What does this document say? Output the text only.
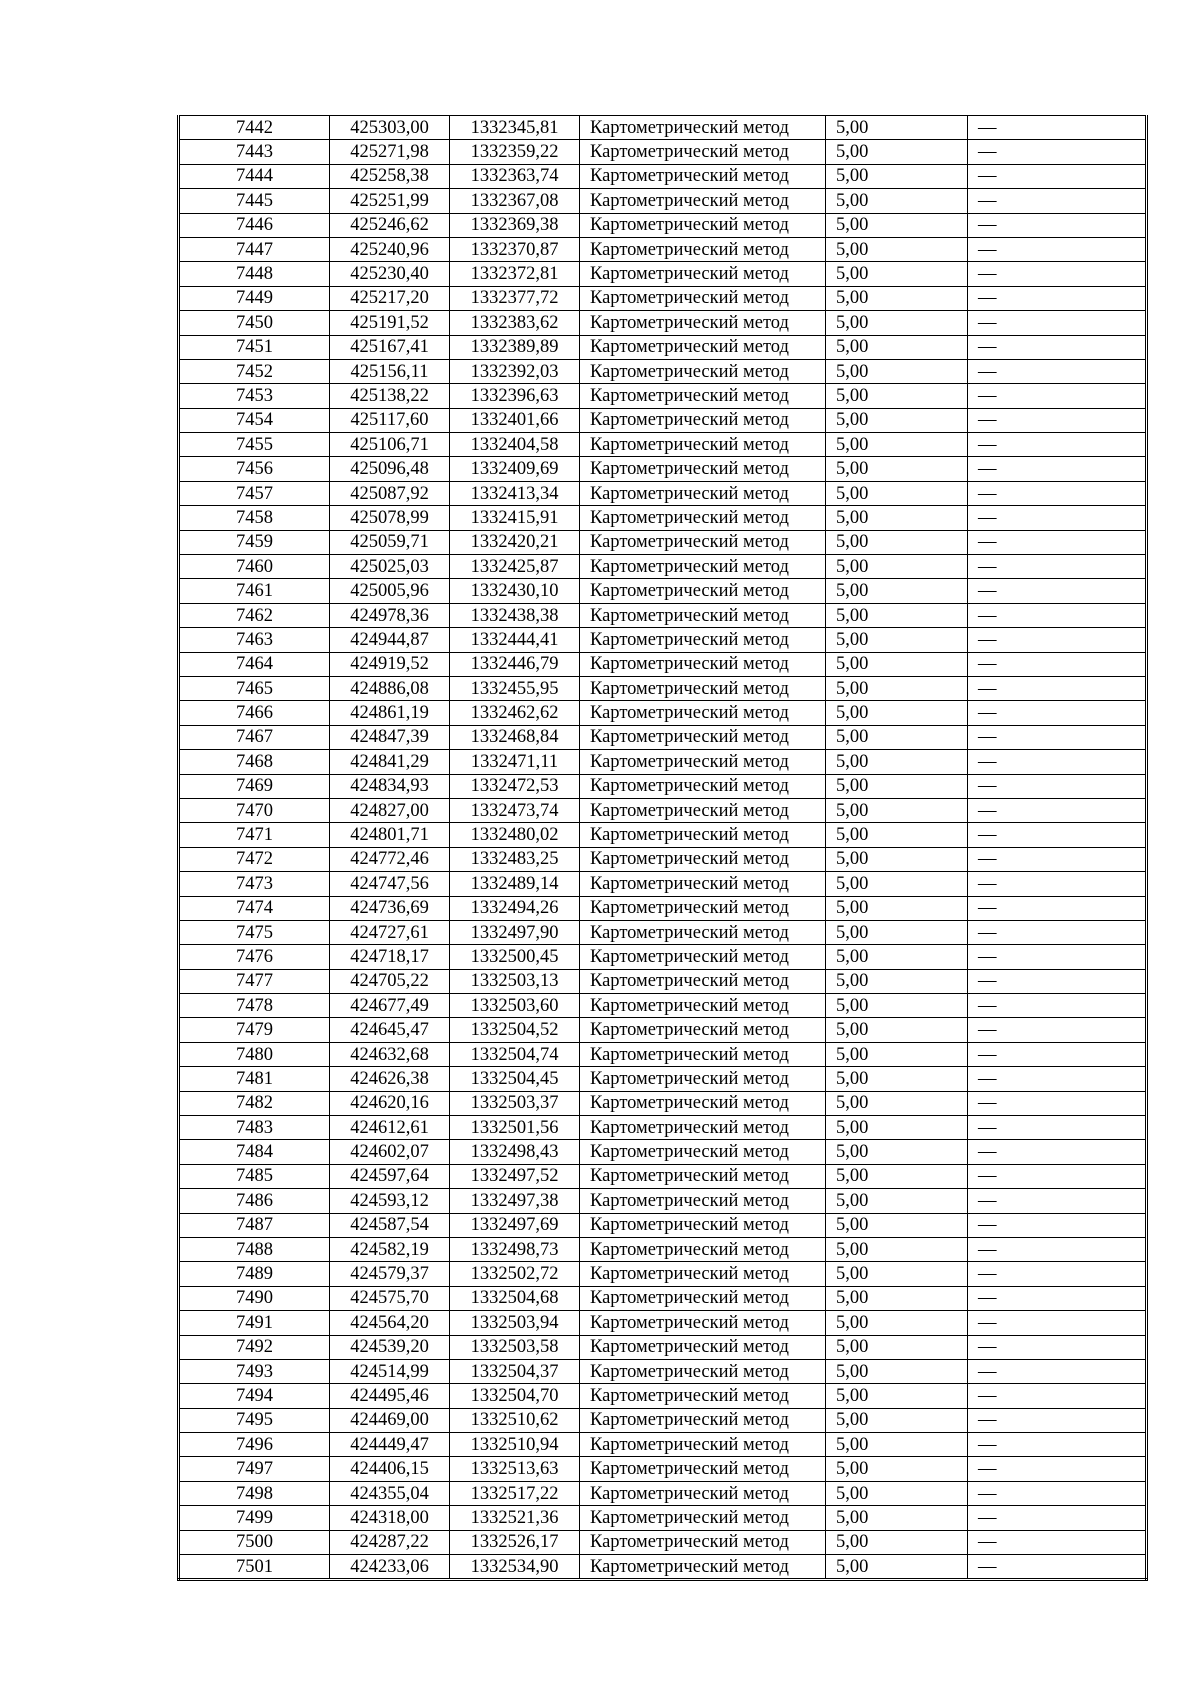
7442	425303,00	1332345,81	Картометрический метод	5,00	—
7443	425271,98	1332359,22	Картометрический метод	5,00	—
7444	425258,38	1332363,74	Картометрический метод	5,00	—
7445	425251,99	1332367,08	Картометрический метод	5,00	—
7446	425246,62	1332369,38	Картометрический метод	5,00	—
7447	425240,96	1332370,87	Картометрический метод	5,00	—
7448	425230,40	1332372,81	Картометрический метод	5,00	—
7449	425217,20	1332377,72	Картометрический метод	5,00	—
7450	425191,52	1332383,62	Картометрический метод	5,00	—
7451	425167,41	1332389,89	Картометрический метод	5,00	—
7452	425156,11	1332392,03	Картометрический метод	5,00	—
7453	425138,22	1332396,63	Картометрический метод	5,00	—
7454	425117,60	1332401,66	Картометрический метод	5,00	—
7455	425106,71	1332404,58	Картометрический метод	5,00	—
7456	425096,48	1332409,69	Картометрический метод	5,00	—
7457	425087,92	1332413,34	Картометрический метод	5,00	—
7458	425078,99	1332415,91	Картометрический метод	5,00	—
7459	425059,71	1332420,21	Картометрический метод	5,00	—
7460	425025,03	1332425,87	Картометрический метод	5,00	—
7461	425005,96	1332430,10	Картометрический метод	5,00	—
7462	424978,36	1332438,38	Картометрический метод	5,00	—
7463	424944,87	1332444,41	Картометрический метод	5,00	—
7464	424919,52	1332446,79	Картометрический метод	5,00	—
7465	424886,08	1332455,95	Картометрический метод	5,00	—
7466	424861,19	1332462,62	Картометрический метод	5,00	—
7467	424847,39	1332468,84	Картометрический метод	5,00	—
7468	424841,29	1332471,11	Картометрический метод	5,00	—
7469	424834,93	1332472,53	Картометрический метод	5,00	—
7470	424827,00	1332473,74	Картометрический метод	5,00	—
7471	424801,71	1332480,02	Картометрический метод	5,00	—
7472	424772,46	1332483,25	Картометрический метод	5,00	—
7473	424747,56	1332489,14	Картометрический метод	5,00	—
7474	424736,69	1332494,26	Картометрический метод	5,00	—
7475	424727,61	1332497,90	Картометрический метод	5,00	—
7476	424718,17	1332500,45	Картометрический метод	5,00	—
7477	424705,22	1332503,13	Картометрический метод	5,00	—
7478	424677,49	1332503,60	Картометрический метод	5,00	—
7479	424645,47	1332504,52	Картометрический метод	5,00	—
7480	424632,68	1332504,74	Картометрический метод	5,00	—
7481	424626,38	1332504,45	Картометрический метод	5,00	—
7482	424620,16	1332503,37	Картометрический метод	5,00	—
7483	424612,61	1332501,56	Картометрический метод	5,00	—
7484	424602,07	1332498,43	Картометрический метод	5,00	—
7485	424597,64	1332497,52	Картометрический метод	5,00	—
7486	424593,12	1332497,38	Картометрический метод	5,00	—
7487	424587,54	1332497,69	Картометрический метод	5,00	—
7488	424582,19	1332498,73	Картометрический метод	5,00	—
7489	424579,37	1332502,72	Картометрический метод	5,00	—
7490	424575,70	1332504,68	Картометрический метод	5,00	—
7491	424564,20	1332503,94	Картометрический метод	5,00	—
7492	424539,20	1332503,58	Картометрический метод	5,00	—
7493	424514,99	1332504,37	Картометрический метод	5,00	—
7494	424495,46	1332504,70	Картометрический метод	5,00	—
7495	424469,00	1332510,62	Картометрический метод	5,00	—
7496	424449,47	1332510,94	Картометрический метод	5,00	—
7497	424406,15	1332513,63	Картометрический метод	5,00	—
7498	424355,04	1332517,22	Картометрический метод	5,00	—
7499	424318,00	1332521,36	Картометрический метод	5,00	—
7500	424287,22	1332526,17	Картометрический метод	5,00	—
7501	424233,06	1332534,90	Картометрический метод	5,00	—
